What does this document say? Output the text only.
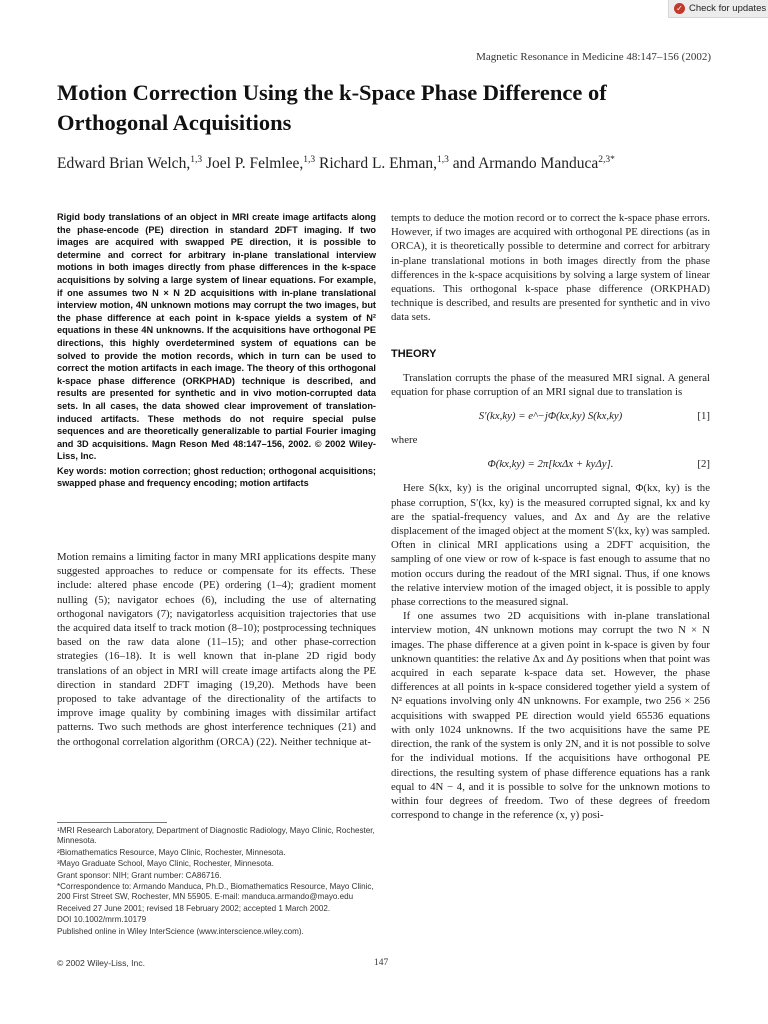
✓ Check for updates
Magnetic Resonance in Medicine 48:147–156 (2002)
Motion Correction Using the k-Space Phase Difference of Orthogonal Acquisitions
Edward Brian Welch,$^{1,3}$ Joel P. Felmlee,$^{1,3}$ Richard L. Ehman,$^{1,3}$ and Armando Manduca$^{2,3*}$
Rigid body translations of an object in MRI create image artifacts along the phase-encode (PE) direction in standard 2DFT imaging. If two images are acquired with swapped PE direction, it is possible to determine and correct for arbitrary in-plane translational interview motions in both images directly from phase differences in the k-space acquisitions by solving a large system of linear equations. For example, if one assumes two N × N 2D acquisitions with in-plane translational interview motion, 4N unknown motions may corrupt the two images, but the phase difference at each point in k-space yields a system of N² equations in these 4N unknowns. If the acquisitions have orthogonal PE directions, this highly overdetermined system of equations can be solved to provide the motion records, which in turn can be used to correct the motion artifacts in each image. The theory of this orthogonal k-space phase difference (ORKPHAD) technique is described, and results are presented for synthetic and in vivo motion-corrupted data sets. In all cases, the data showed clear improvement of translation-induced artifacts. These methods do not require special pulse sequences and are theoretically generalizable to partial Fourier imaging and 3D acquisitions. Magn Reson Med 48:147–156, 2002. © 2002 Wiley-Liss, Inc.
Key words: motion correction; ghost reduction; orthogonal acquisitions; swapped phase and frequency encoding; motion artifacts
Motion remains a limiting factor in many MRI applications despite many suggested approaches to reduce or compensate for its effects. These include: altered phase encode (PE) ordering (1–4); gradient moment nulling (5); navigator echoes (6), including the use of alternating orthogonal navigators (7); navigatorless acquisition trajectories that use the acquired data itself to track motion (8–10); postprocessing techniques based on the raw data alone (11–15); and other phase-correction strategies (16–18). It is well known that in-plane 2D rigid body translations of an object in MRI will create image artifacts along the PE direction in standard 2DFT imaging (19,20). Methods have been proposed to take advantage of the directionality of the artifacts to improve image quality by combining images with dissimilar artifact patterns. Two such methods are ghost interference techniques (21) and the orthogonal correlation algorithm (ORCA) (22). Neither technique at-

¹MRI Research Laboratory, Department of Diagnostic Radiology, Mayo Clinic, Rochester, Minnesota.

²Biomathematics Resource, Mayo Clinic, Rochester, Minnesota.

³Mayo Graduate School, Mayo Clinic, Rochester, Minnesota.

Grant sponsor: NIH; Grant number: CA86716.

*Correspondence to: Armando Manduca, Ph.D., Biomathematics Resource, Mayo Clinic, 200 First Street SW, Rochester, MN 55905. E-mail: manduca.armando@mayo.edu

Received 27 June 2001; revised 18 February 2002; accepted 1 March 2002.

DOI 10.1002/mrm.10179

Published online in Wiley InterScience (www.interscience.wiley.com).

© 2002 Wiley-Liss, Inc.	147

tempts to deduce the motion record or to correct the k-space phase errors. However, if two images are acquired with orthogonal PE directions (as in ORCA), it is theoretically possible to determine and correct for arbitrary in-plane translational motions in both images directly from the phase differences in the k-space acquisitions by solving a large system of linear equations. This orthogonal k-space phase difference (ORKPHAD) technique is described, and results are presented for synthetic and in vivo data sets.

THEORY

Translation corrupts the phase of the measured MRI signal. A general equation for phase corruption of an MRI signal due to translation is

S′(kx,ky) = e^−jΦ(kx,ky) S(kx,ky)	[1]

where

Φ(kx,ky) = 2π[kxΔx + kyΔy].	[2]

Here S(kx, ky) is the original uncorrupted signal, Φ(kx, ky) is the phase corruption, S′(kx, ky) is the measured corrupted signal, kx and ky are the spatial-frequency values, and Δx and Δy are the relative displacement of the imaged object at the moment S′(kx, ky) was sampled. Often in clinical MRI applications using a 2DFT acquisition, the sampling of one view or row of k-space is fast enough to assume that no motion occurs during the readout of the MRI signal. Thus, if one knows the relative interview motion of the imaged object, it is possible to apply phase corrections to the measured signal.

If one assumes two 2D acquisitions with in-plane translational interview motion, 4N unknown motions may corrupt the two N × N images. The phase difference at a given point in k-space is given by four unknown quantities: the relative Δx and Δy positions when that point was acquired in each separate k-space data set. However, the phase differences at all points in k-space considered together yield a system of N² equations involving only 4N unknowns. For example, two 256 × 256 acquisitions with swapped PE direction would yield 65536 equations with only 1024 unknowns. If the two acquisitions have the same PE direction, the rank of the system is only 2N, and it is not possible to solve for the individual motions. If the acquisitions have orthogonal PE directions, the resulting system of phase difference equations has a rank equal to 4N − 4, and it is possible to solve for the unknown motions to within four degrees of freedom. Two of these degrees of freedom correspond to change in the reference (x, y) posi-
